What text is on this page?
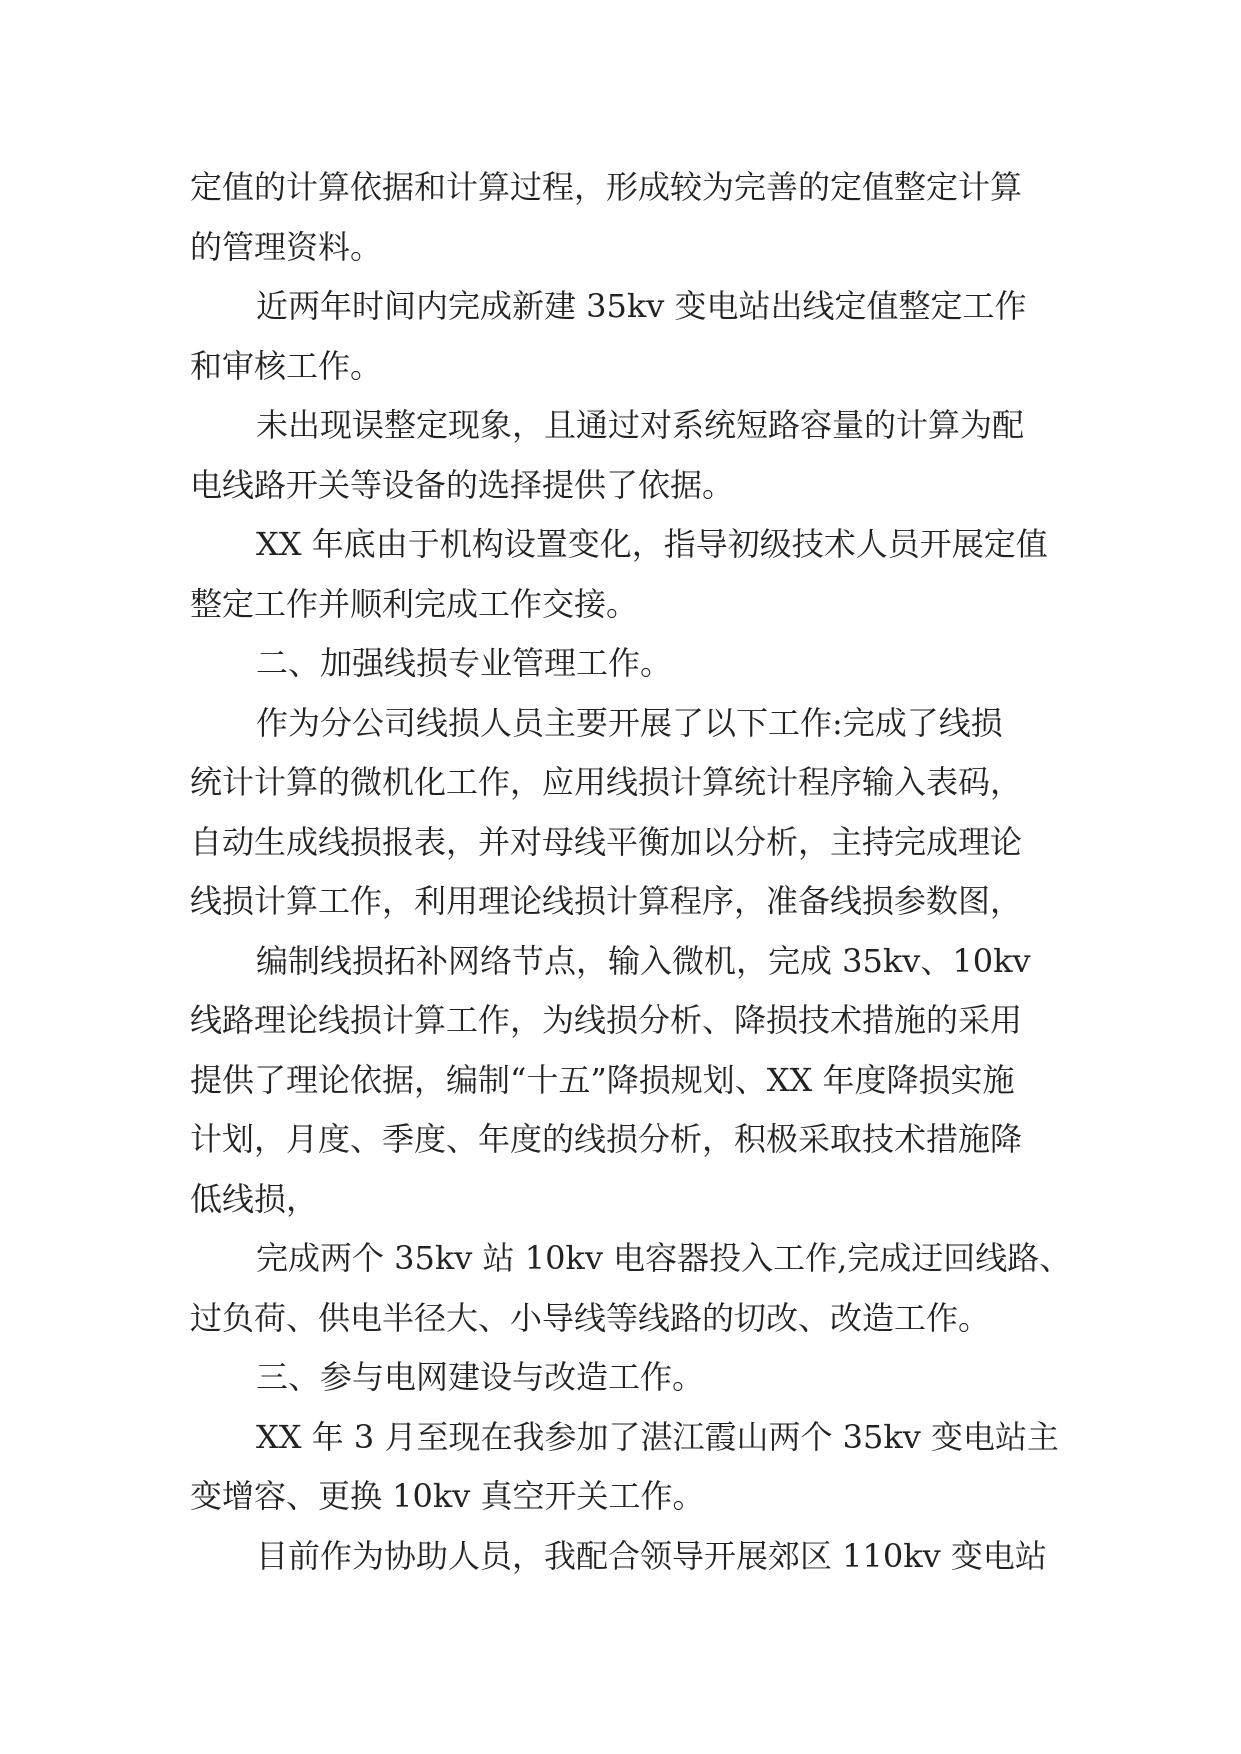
定值的计算依据和计算过程，形成较为完善的定值整定计算
的管理资料。
近两年时间内完成新建 35kv 变电站出线定值整定工作
和审核工作。
未出现误整定现象，且通过对系统短路容量的计算为配
电线路开关等设备的选择提供了依据。
XX 年底由于机构设置变化，指导初级技术人员开展定值
整定工作并顺利完成工作交接。
二、加强线损专业管理工作。
作为分公司线损人员主要开展了以下工作:完成了线损
统计计算的微机化工作，应用线损计算统计程序输入表码，
自动生成线损报表，并对母线平衡加以分析，主持完成理论
线损计算工作，利用理论线损计算程序，准备线损参数图，
编制线损拓补网络节点，输入微机，完成 35kv、10kv
线路理论线损计算工作，为线损分析、降损技术措施的采用
提供了理论依据，编制“十五”降损规划、XX 年度降损实施
计划，月度、季度、年度的线损分析，积极采取技术措施降
低线损，
完成两个 35kv 站 10kv 电容器投入工作,完成迂回线路、
过负荷、供电半径大、小导线等线路的切改、改造工作。
三、参与电网建设与改造工作。
XX 年 3 月至现在我参加了湛江霞山两个 35kv 变电站主
变增容、更换 10kv 真空开关工作。
目前作为协助人员，我配合领导开展郊区 110kv 变电站
